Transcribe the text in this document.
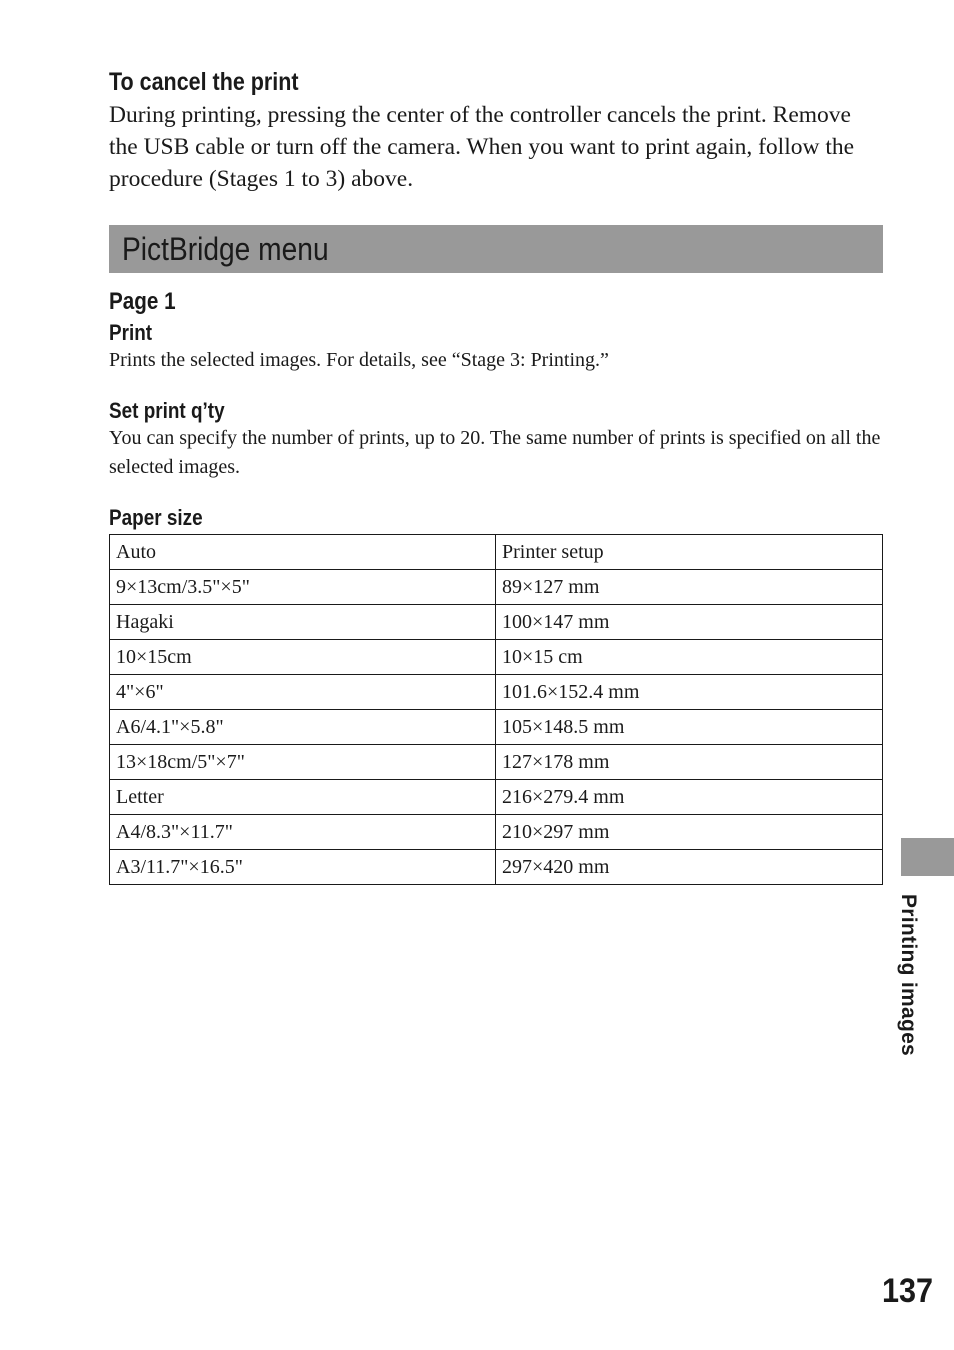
To cancel the print

During printing, pressing the center of the controller cancels the print. Remove the USB cable or turn off the camera. When you want to print again, follow the procedure (Stages 1 to 3) above.

PictBridge menu
Page 1
Print

Prints the selected images. For details, see “Stage 3: Printing.”

Set print q’ty

You can specify the number of prints, up to 20. The same number of prints is specified on all the selected images.

Paper size
Auto	Printer setup
9×13cm/3.5"×5"	89×127 mm
Hagaki	100×147 mm
10×15cm	10×15 cm
4"×6"	101.6×152.4 mm
A6/4.1"×5.8"	105×148.5 mm
13×18cm/5"×7"	127×178 mm
Letter	216×279.4 mm
A4/8.3"×11.7"	210×297 mm
A3/11.7"×16.5"	297×420 mm
Printing images
137
